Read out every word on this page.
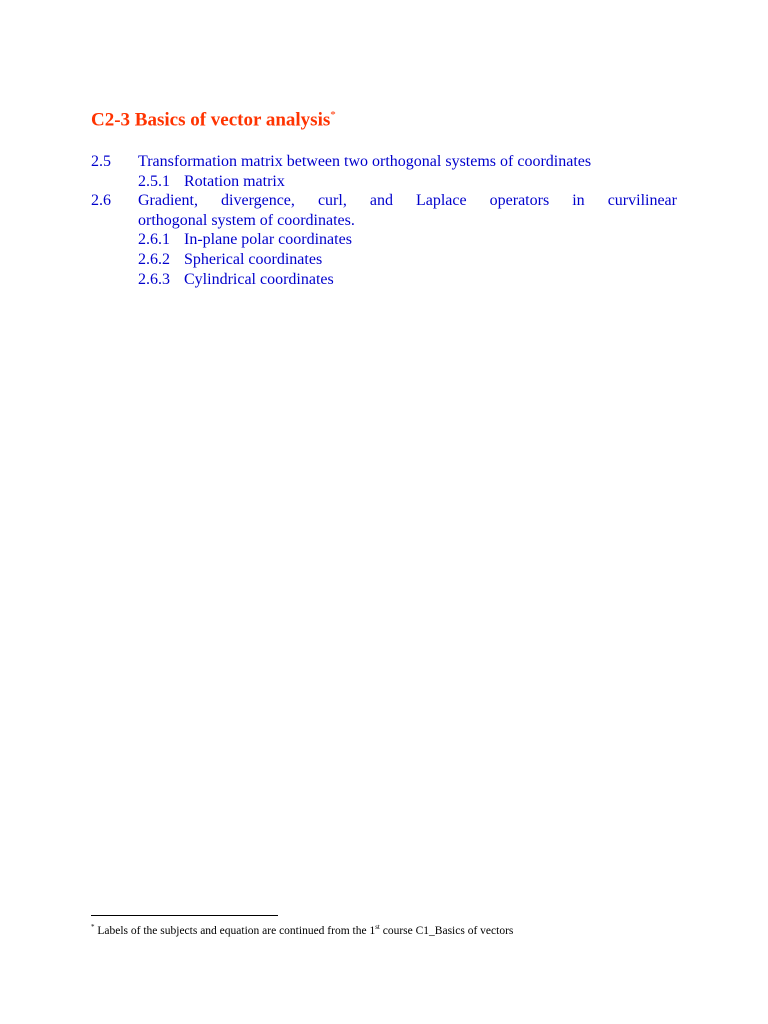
C2-3 Basics of vector analysis*
2.5 Transformation matrix between two orthogonal systems of coordinates
2.5.1 Rotation matrix
2.6 Gradient, divergence, curl, and Laplace operators in curvilinear
orthogonal system of coordinates.
2.6.1 In-plane polar coordinates
2.6.2 Spherical coordinates
2.6.3 Cylindrical coordinates
* Labels of the subjects and equation are continued from the 1st course C1_Basics of vectors
